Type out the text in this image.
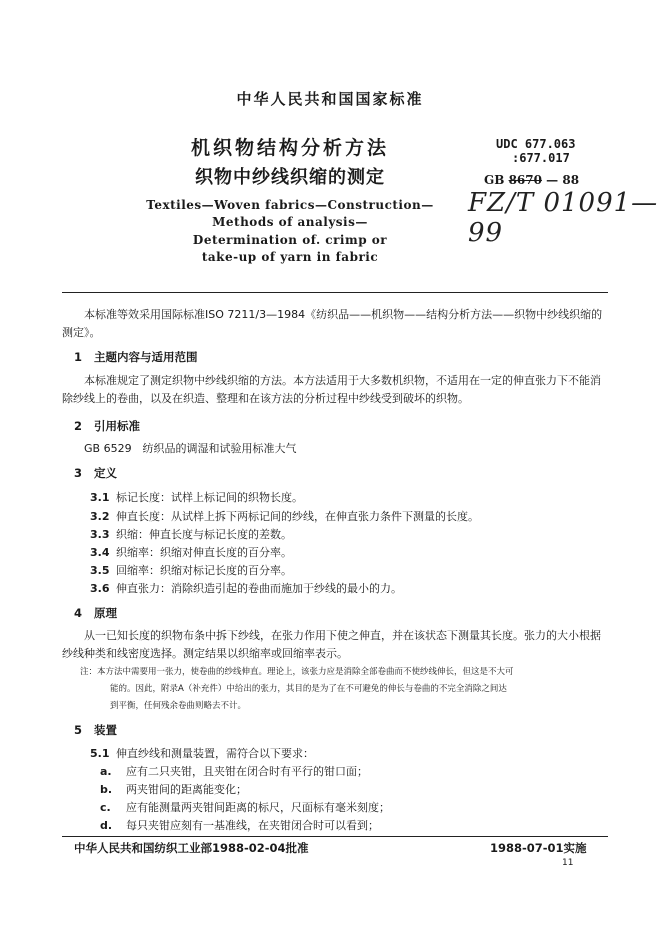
中华人民共和国国家标准
机织物结构分析方法
织物中纱线织缩的测定
Textiles—Woven fabrics—Construction—
Methods of analysis—
Determination of. crimp or
take-up of yarn in fabric
UDC 677.063
:677.017
GB 8670 — 88
FZ/T 01091—99
本标准等效采用国际标准ISO 7211/3—1984《纺织品——机织物——结构分析方法——织物中纱线织缩的测定》。
1 主题内容与适用范围
本标准规定了测定织物中纱线织缩的方法。本方法适用于大多数机织物，不适用在一定的伸直张力下不能消除纱线上的卷曲，以及在织造、整理和在该方法的分析过程中纱线受到破坏的织物。
2 引用标准
GB 6529　纺织品的调湿和试验用标准大气
3 定义
3.1 标记长度：试样上标记间的织物长度。
3.2 伸直长度：从试样上拆下两标记间的纱线，在伸直张力条件下测量的长度。
3.3 织缩：伸直长度与标记长度的差数。
3.4 织缩率：织缩对伸直长度的百分率。
3.5 回缩率：织缩对标记长度的百分率。
3.6 伸直张力：消除织造引起的卷曲而施加于纱线的最小的力。
4 原理
从一已知长度的织物布条中拆下纱线，在张力作用下使之伸直，并在该状态下测量其长度。张力的大小根据纱线种类和线密度选择。测定结果以织缩率或回缩率表示。
注：本方法中需要用一张力，使卷曲的纱线伸直。理论上，该张力应是消除全部卷曲而不使纱线伸长，但这是不大可
能的。因此，附录A（补充件）中给出的张力，其目的是为了在不可避免的伸长与卷曲的不完全消除之间达
到平衡，任何残余卷曲则略去不计。
5 装置
5.1 伸直纱线和测量装置，需符合以下要求：
a. 应有二只夹钳，且夹钳在闭合时有平行的钳口面；
b. 两夹钳间的距离能变化；
c. 应有能测量两夹钳间距离的标尺，尺面标有毫米刻度；
d. 每只夹钳应刻有一基准线，在夹钳闭合时可以看到；
中华人民共和国纺织工业部1988-02-04批准	1988-07-01实施
11
